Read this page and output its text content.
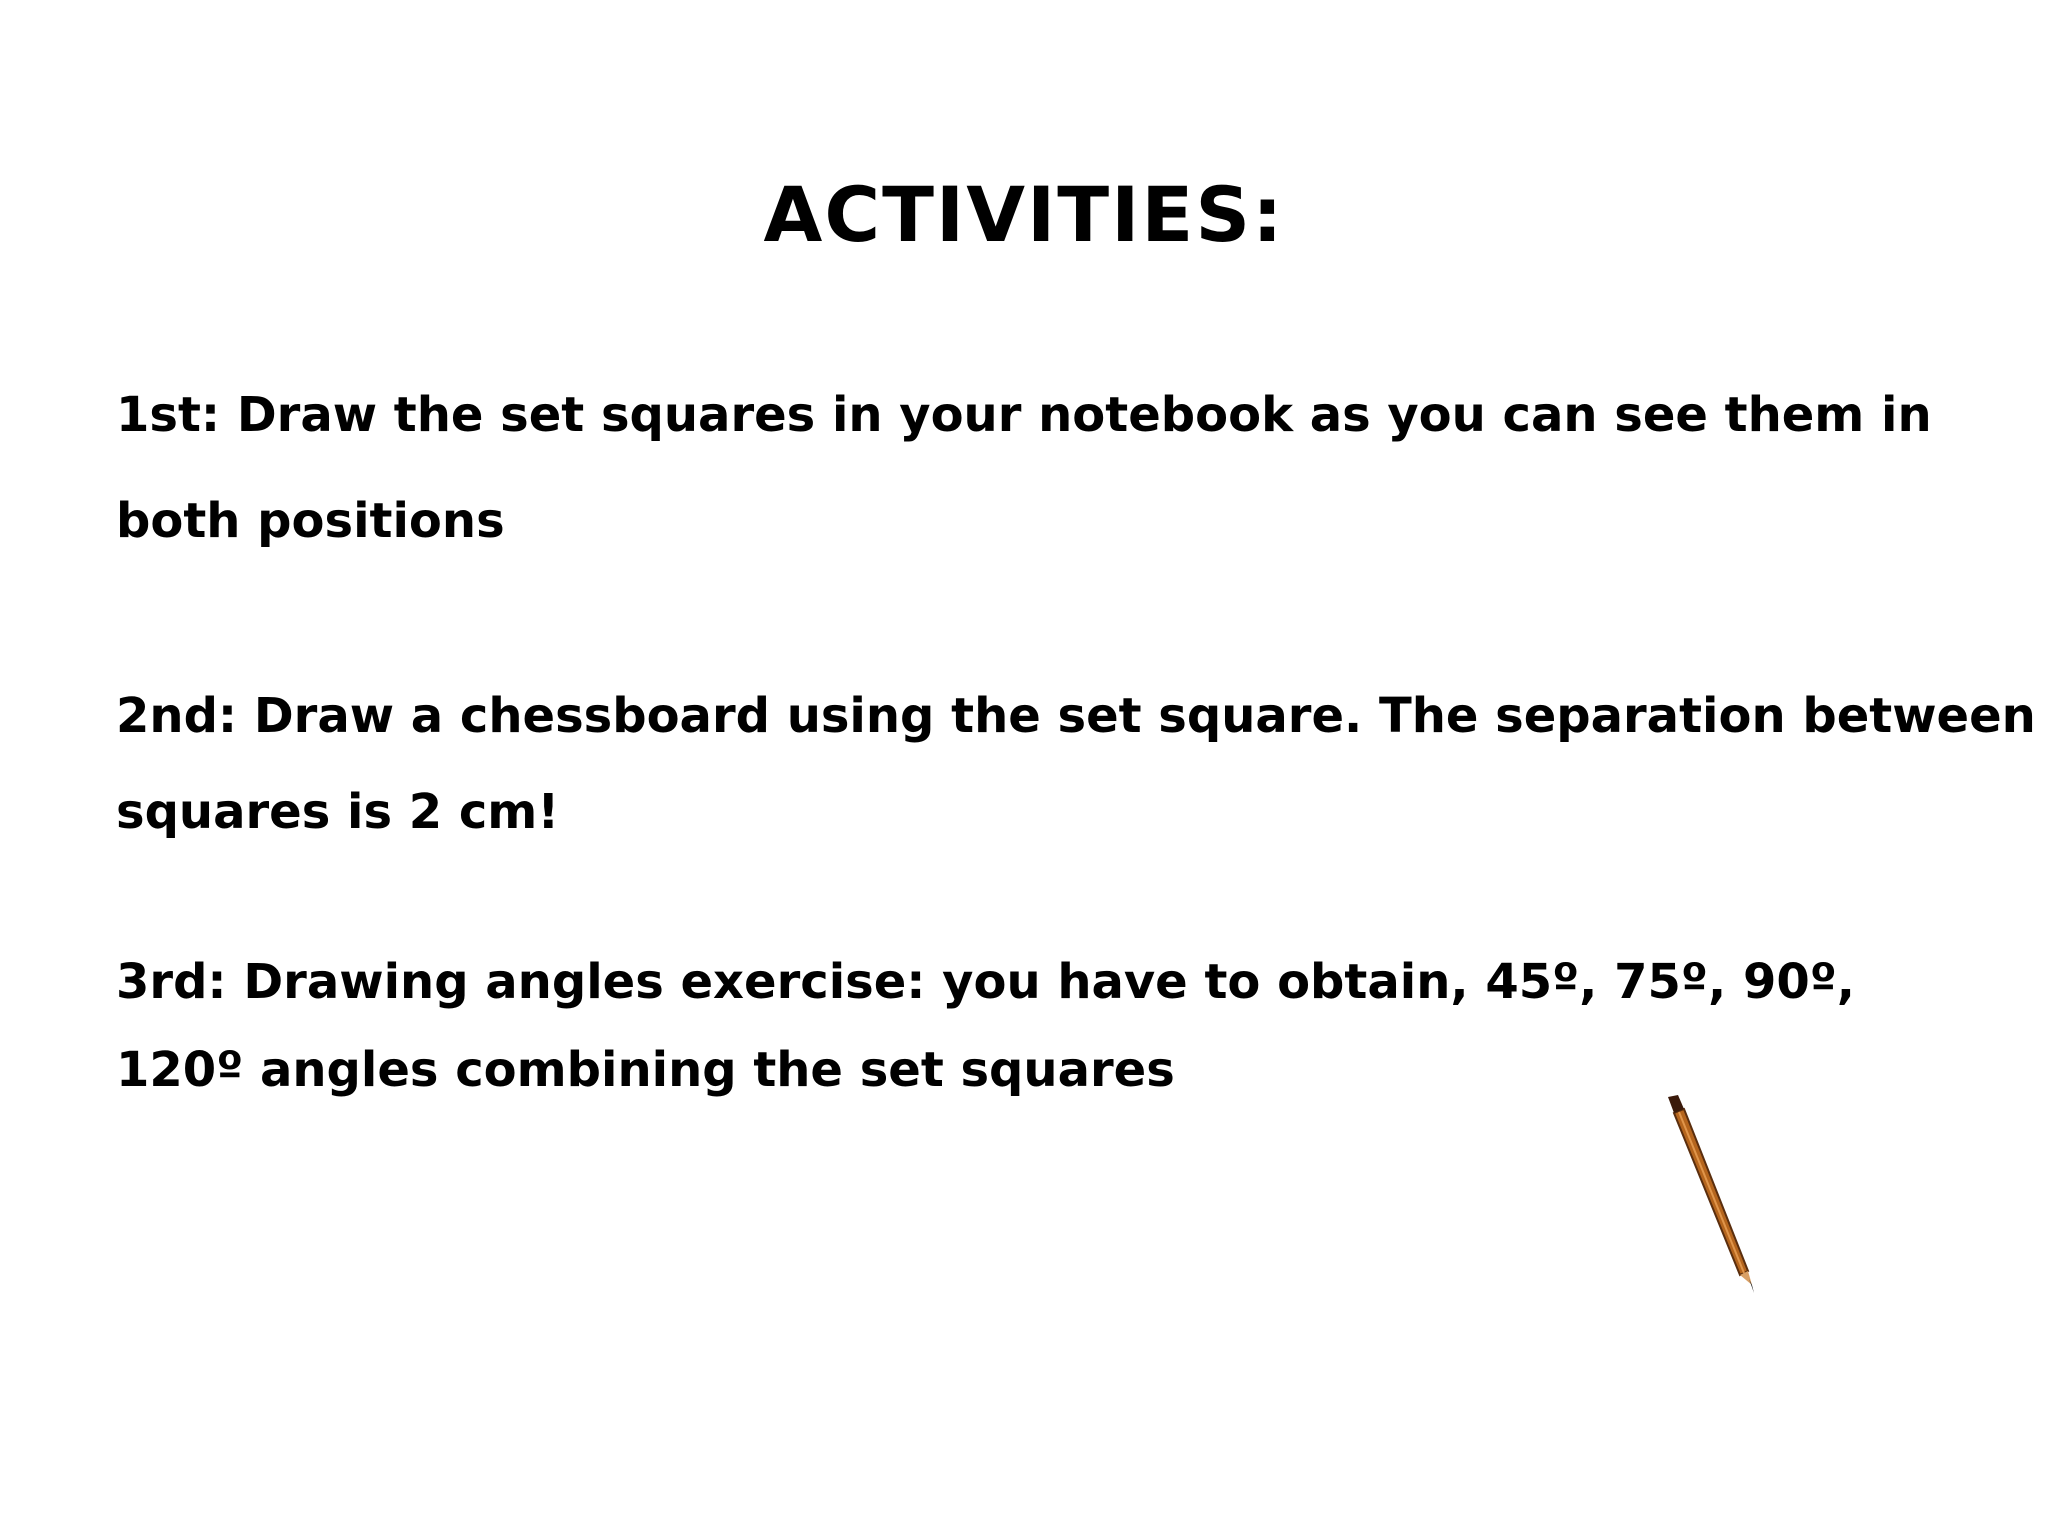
ACTIVITIES:

1st: Draw the set squares in your notebook as you can see them in
both positions

2nd: Draw a chessboard using the set square. The separation between
squares is 2 cm!

3rd: Drawing angles exercise: you have to obtain, 45º, 75º, 90º,
120º angles combining the set squares
